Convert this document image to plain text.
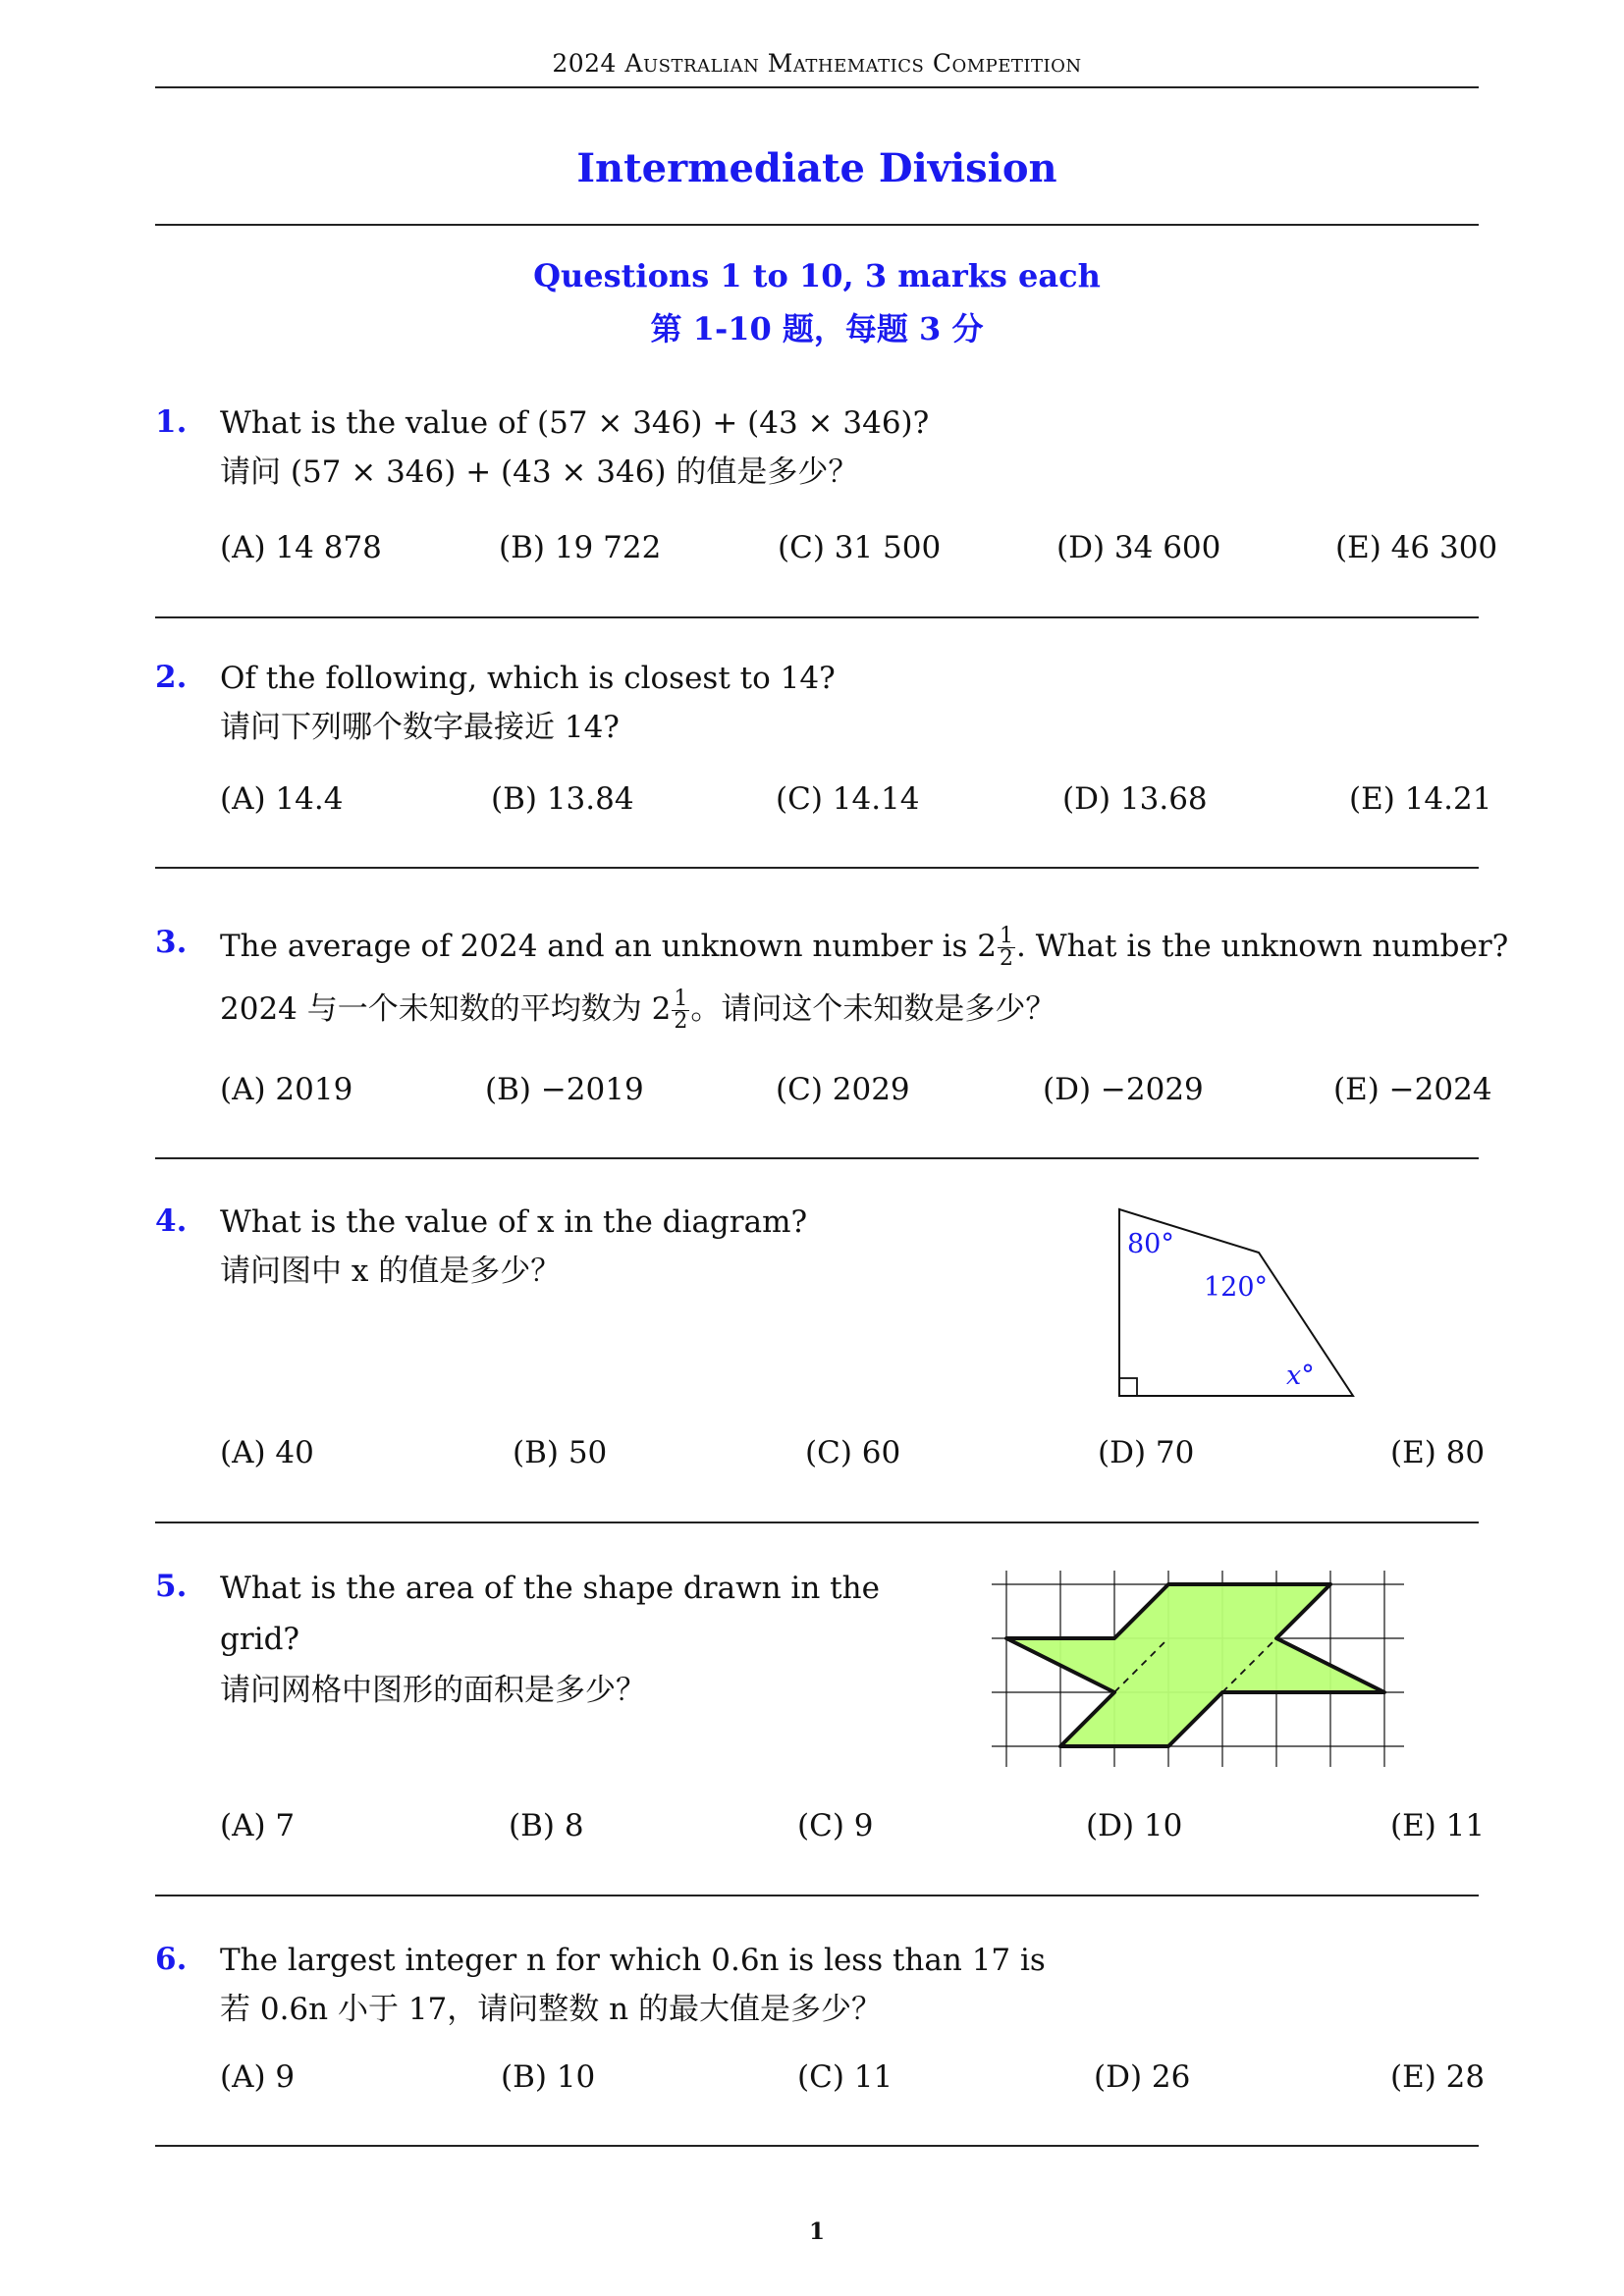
2024 Australian Mathematics Competition
Intermediate Division
Questions 1 to 10, 3 marks each
第 1-10 题，每题 3 分
1. What is the value of (57 × 346) + (43 × 346)?
请问 (57 × 346) + (43 × 346) 的值是多少？
(A) 14 878	(B) 19 722	(C) 31 500	(D) 34 600	(E) 46 300
2. Of the following, which is closest to 14?
请问下列哪个数字最接近 14?
(A) 14.4	(B) 13.84	(C) 14.14	(D) 13.68	(E) 14.21
3. The average of 2024 and an unknown number is $2 \frac{1}{2}$ . What is the unknown number?
2024 与一个未知数的平均数为 $2 \frac{1}{2}$ 。请问这个未知数是多少？
(A) 2019	(B) −2019	(C) 2029	(D) −2029	(E) −2024
4. What is the value of x in the diagram?
请问图中 x 的值是多少？
80°
120°
x°
(A) 40	(B) 50	(C) 60	(D) 70	(E) 80
5. What is the area of the shape drawn in the
grid?
请问网格中图形的面积是多少？
(A) 7	(B) 8	(C) 9	(D) 10	(E) 11
6. The largest integer n for which 0.6n is less than 17 is
若 0.6n 小于 17，请问整数 n 的最大值是多少？
(A) 9	(B) 10	(C) 11	(D) 26	(E) 28
1
